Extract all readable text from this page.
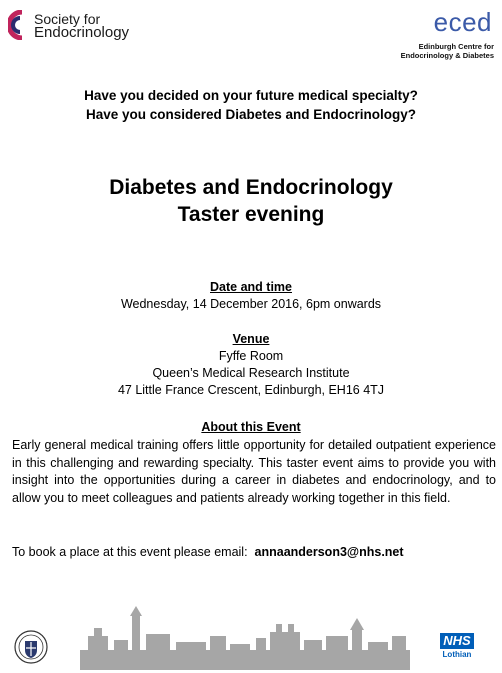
Society for
Endocrinology	eced
Edinburgh Centre for
Endocrinology & Diabetes
Have you decided on your future medical specialty?
Have you considered Diabetes and Endocrinology?
Diabetes and Endocrinology
Taster evening
Date and time
Wednesday, 14 December 2016, 6pm onwards
Venue
Fyffe Room
Queen’s Medical Research Institute
47 Little France Crescent, Edinburgh, EH16 4TJ
About this Event
Early general medical training offers little opportunity for detailed outpatient experience in this challenging and rewarding specialty. This taster event aims to provide you with insight into the opportunities during a career in diabetes and endocrinology, and to allow you to meet colleagues and patients already working together in this field.
To book a place at this event please email:  annaanderson3@nhs.net
NHS
Lothian
